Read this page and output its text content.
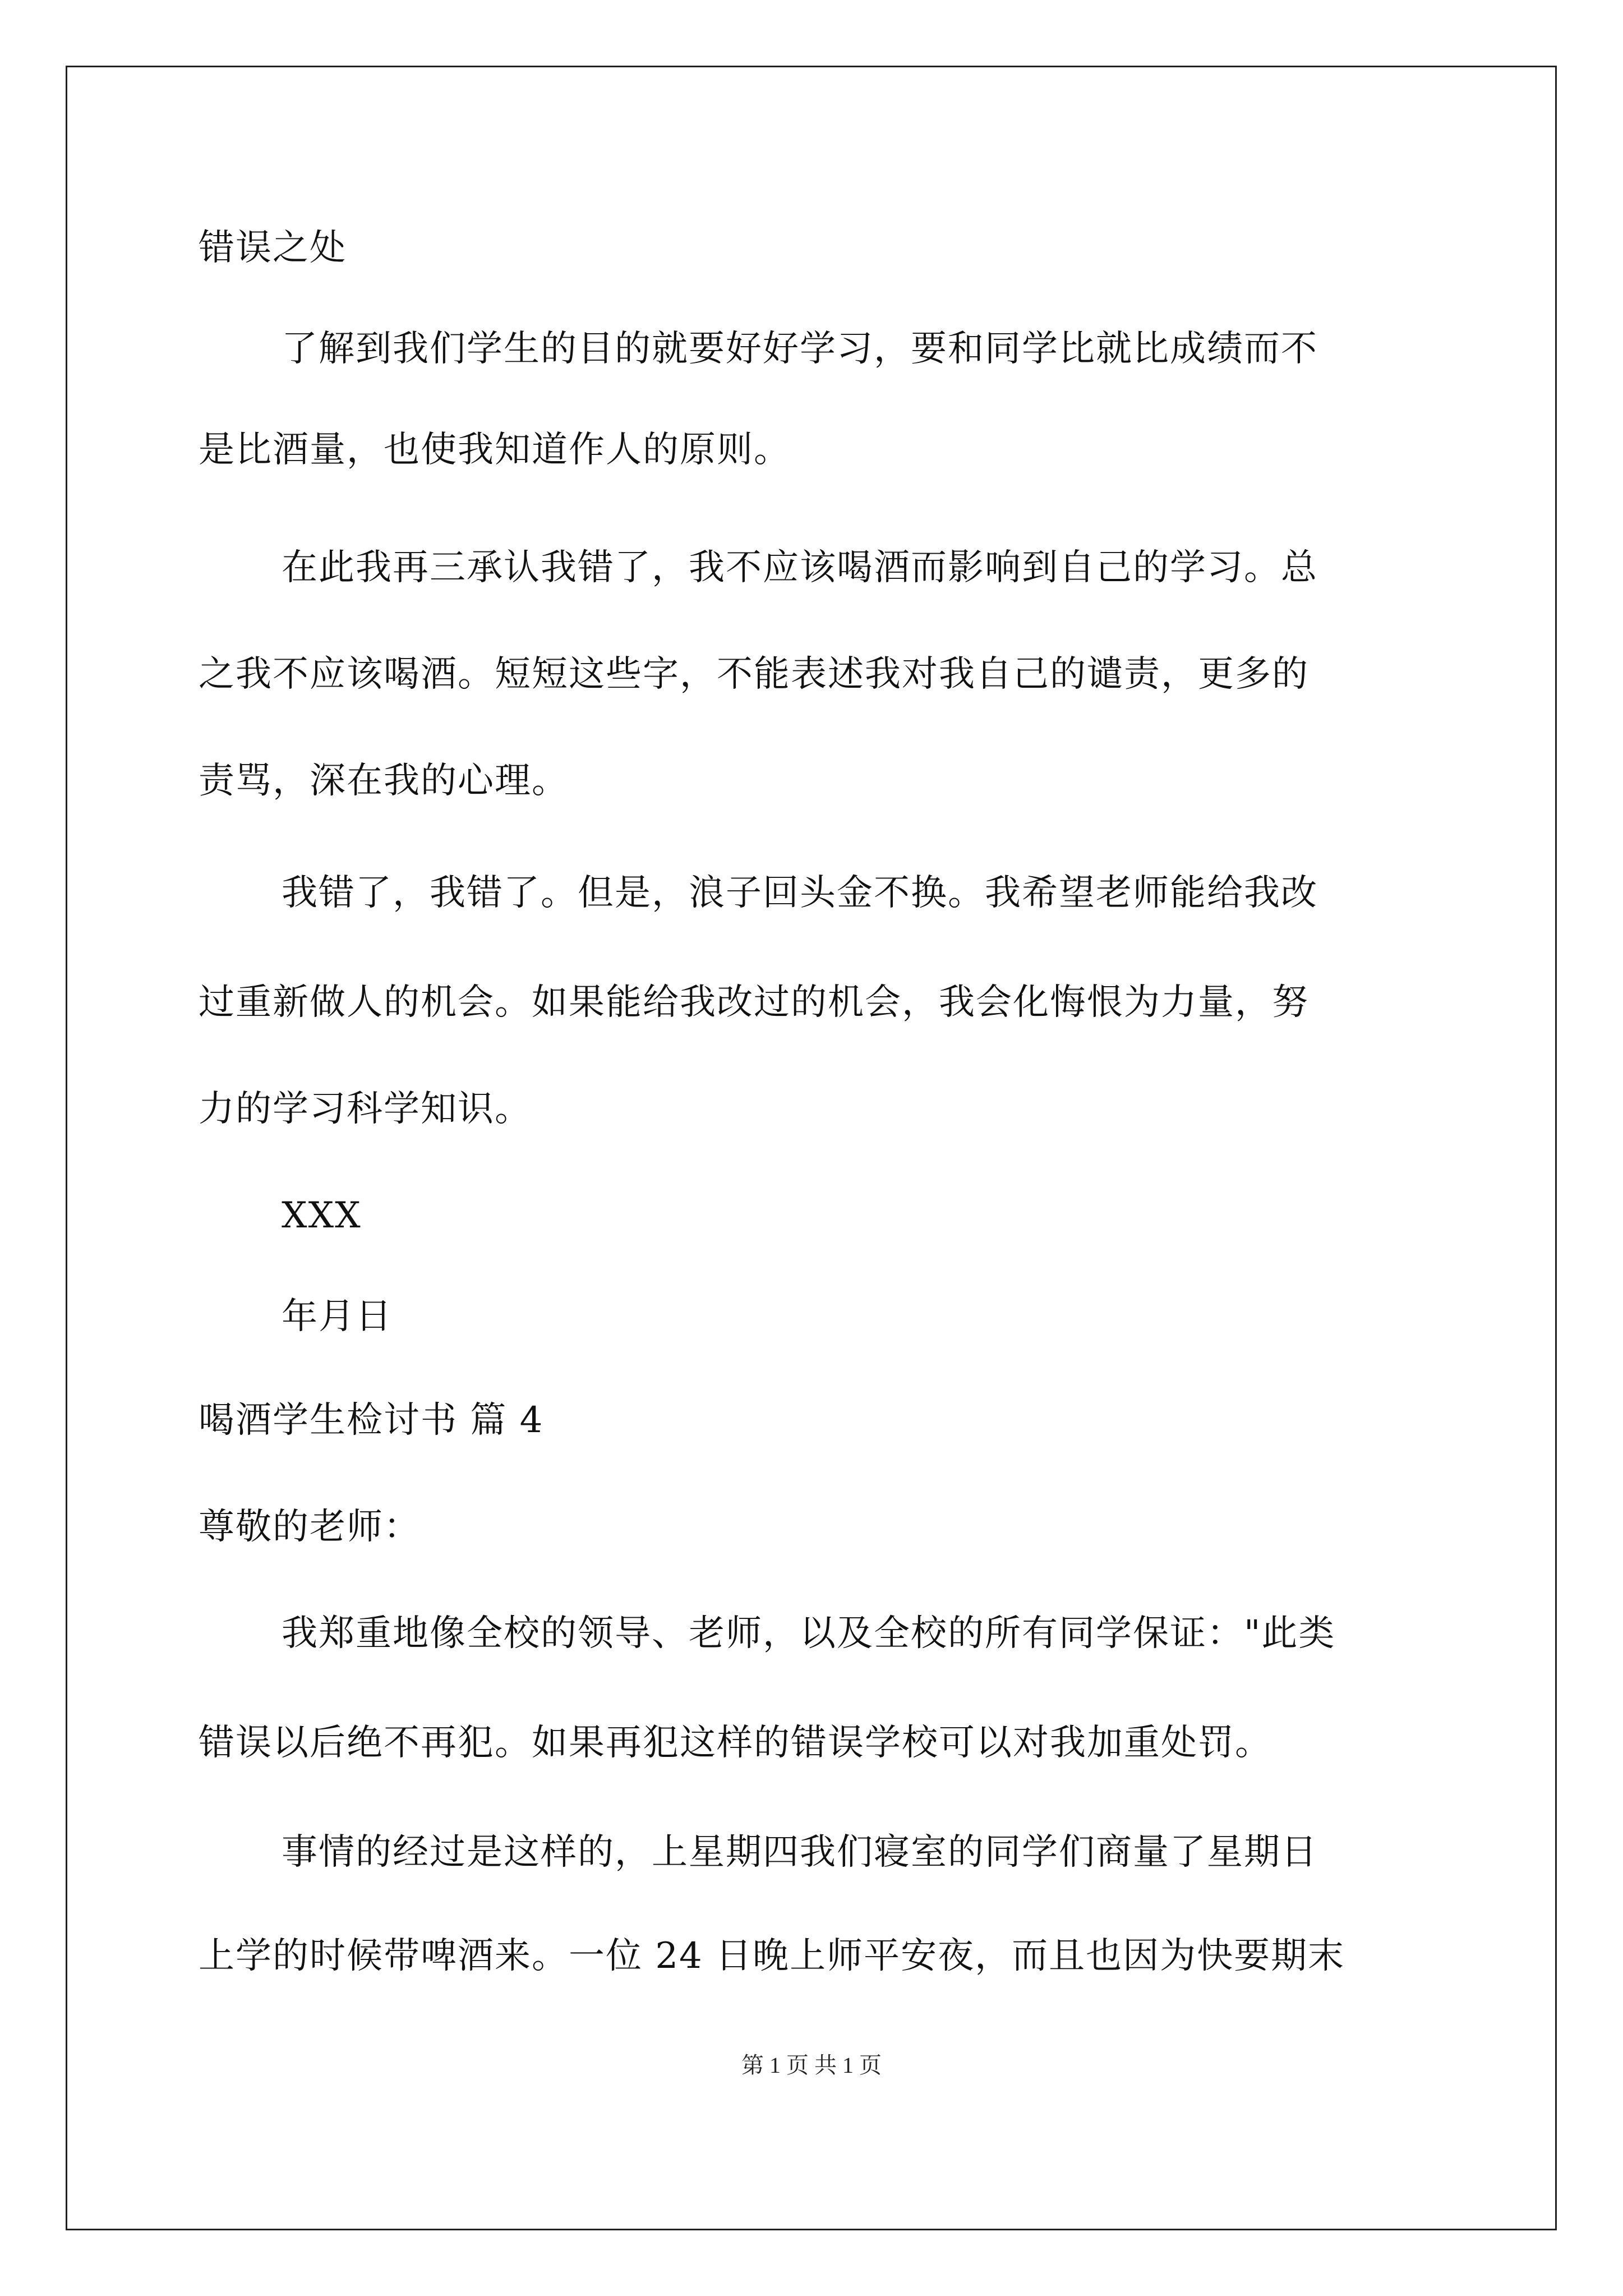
错误之处
了解到我们学生的目的就要好好学习，要和同学比就比成绩而不
是比酒量，也使我知道作人的原则。
在此我再三承认我错了，我不应该喝酒而影响到自己的学习。总
之我不应该喝酒。短短这些字，不能表述我对我自己的谴责，更多的
责骂，深在我的心理。
我错了，我错了。但是，浪子回头金不换。我希望老师能给我改
过重新做人的机会。如果能给我改过的机会，我会化悔恨为力量，努
力的学习科学知识。
XXX
年月日
喝酒学生检讨书 篇 4
尊敬的老师：
我郑重地像全校的领导、老师，以及全校的所有同学保证："此类
错误以后绝不再犯。如果再犯这样的错误学校可以对我加重处罚。
事情的经过是这样的，上星期四我们寝室的同学们商量了星期日
上学的时候带啤酒来。一位 24 日晚上师平安夜，而且也因为快要期末
第 1 页 共 1 页
